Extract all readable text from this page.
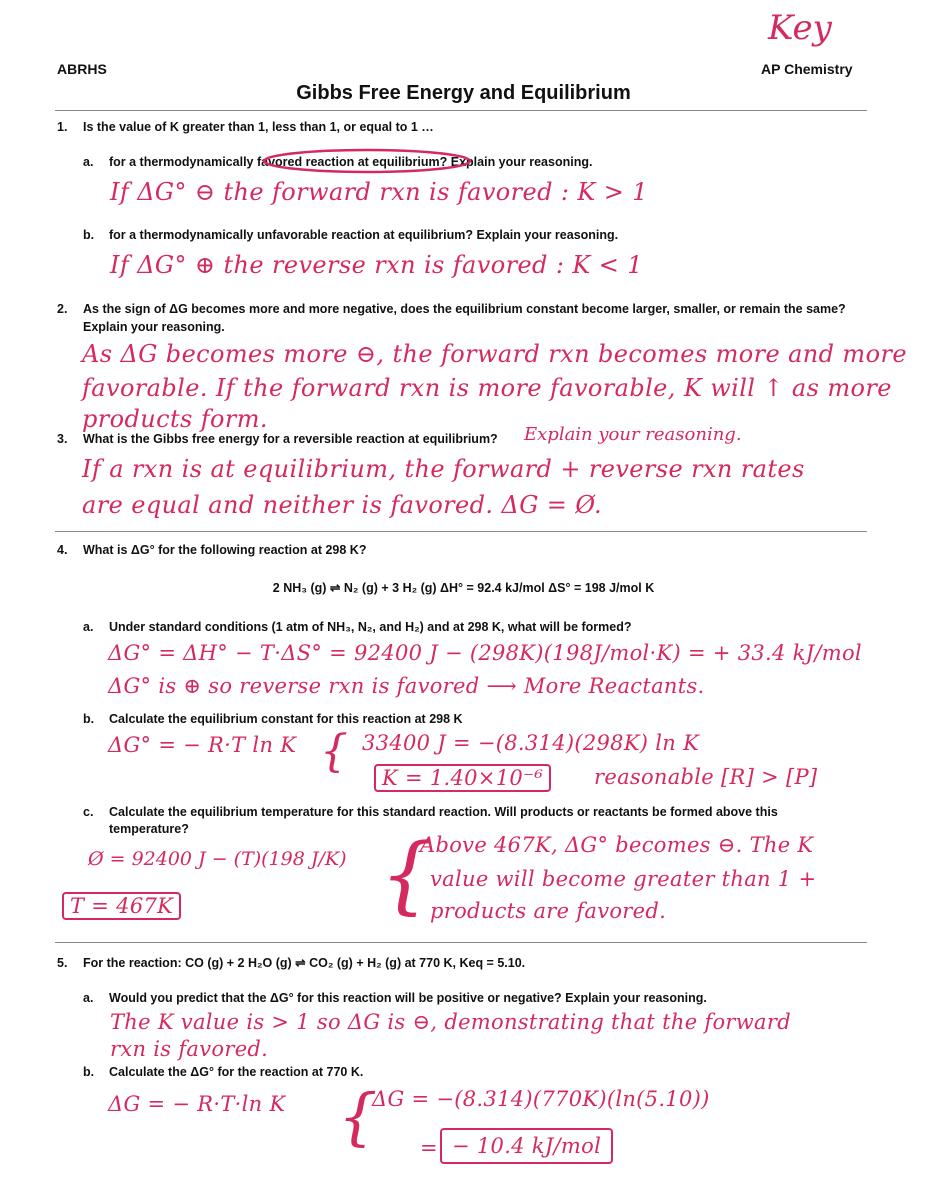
ABRHS	AP Chemistry
Key
Gibbs Free Energy and Equilibrium
1. Is the value of K greater than 1, less than 1, or equal to 1 …
a. for a thermodynamically favored reaction at equilibrium? Explain your reasoning.
If ΔG° ⊖ the forward rxn is favored : K > 1
b. for a thermodynamically unfavorable reaction at equilibrium? Explain your reasoning.
If ΔG° ⊕ the reverse rxn is favored : K < 1
2. As the sign of ΔG becomes more and more negative, does the equilibrium constant become larger, smaller, or remain the same?
Explain your reasoning.
As ΔG becomes more ⊖, the forward rxn becomes more and more
favorable. If the forward rxn is more favorable, K will ↑ as more
products form.
3. What is the Gibbs free energy for a reversible reaction at equilibrium? Explain your reasoning.
If a rxn is at equilibrium, the forward + reverse rxn rates
are equal and neither is favored. ΔG = Ø.
4. What is ΔG° for the following reaction at 298 K?
2 NH₃ (g) ⇌ N₂ (g) + 3 H₂ (g) ΔH° = 92.4 kJ/mol ΔS° = 198 J/mol K
a. Under standard conditions (1 atm of NH₃, N₂, and H₂) and at 298 K, what will be formed?
ΔG° = ΔH° − T·ΔS° = 92400 J − (298K)(198J/mol·K) = + 33.4 kJ/mol
ΔG° is ⊕ so reverse rxn is favored ⟶ More Reactants.
b. Calculate the equilibrium constant for this reaction at 298 K
ΔG° = − R·T ln K { 33400 J = −(8.314)(298K) ln K
K = 1.40×10⁻⁶	reasonable [R] > [P]
c. Calculate the equilibrium temperature for this standard reaction. Will products or reactants be formed above this
temperature?
Ø = 92400 J − (T)(198 J/K)
T = 467K {
Above 467K, ΔG° becomes ⊖. The K
value will become greater than 1 +
products are favored.
5. For the reaction: CO (g) + 2 H₂O (g) ⇌ CO₂ (g) + H₂ (g) at 770 K, Keq = 5.10.
a. Would you predict that the ΔG° for this reaction will be positive or negative? Explain your reasoning.
The K value is > 1 so ΔG is ⊖, demonstrating that the forward
rxn is favored.
b. Calculate the ΔG° for the reaction at 770 K.
ΔG = − R·T·ln K {
ΔG = −(8.314)(770K)(ln(5.10))
= − 10.4 kJ/mol
